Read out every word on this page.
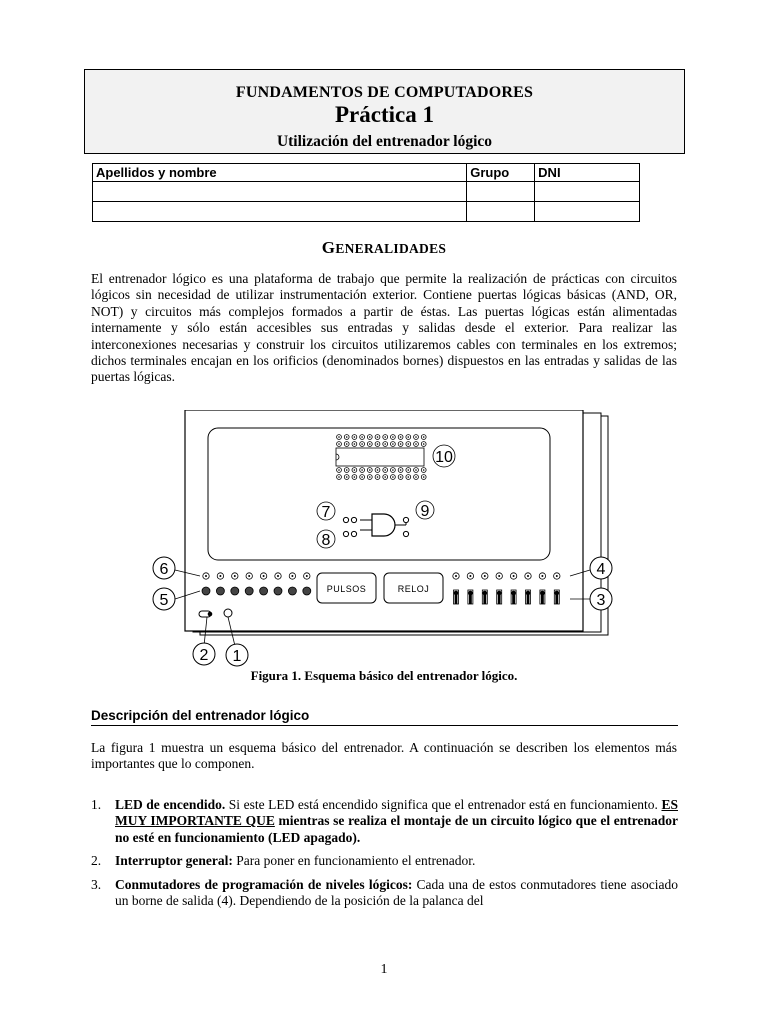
FUNDAMENTOS DE COMPUTADORES
Práctica 1
Utilización del entrenador lógico
Apellidos y nombre	Grupo	DNI

GENERALIDADES
El entrenador lógico es una plataforma de trabajo que permite la realización de prácticas con circuitos lógicos sin necesidad de utilizar instrumentación exterior. Contiene puertas lógicas básicas (AND, OR, NOT) y circuitos más complejos formados a partir de éstas. Las puertas lógicas están alimentadas internamente y sólo están accesibles sus entradas y salidas desde el exterior. Para realizar las interconexiones necesarias y construir los circuitos utilizaremos cables con terminales en los extremos; dichos terminales encajan en los orificios (denominados bornes) dispuestos en las entradas y salidas de las puertas lógicas.
PULSOS	RELOJ
1
2
3
4
5
6
7
8
9
10
Figura 1. Esquema básico del entrenador lógico.
Descripción del entrenador lógico
La figura 1 muestra un esquema básico del entrenador. A continuación se describen los elementos más importantes que lo componen.
1. LED de encendido. Si este LED está encendido significa que el entrenador está en funcionamiento. ES MUY IMPORTANTE QUE mientras se realiza el montaje de un circuito lógico que el entrenador no esté en funcionamiento (LED apagado).
2. Interruptor general: Para poner en funcionamiento el entrenador.
3. Conmutadores de programación de niveles lógicos: Cada una de estos conmutadores tiene asociado un borne de salida (4). Dependiendo de la posición de la palanca del
1
